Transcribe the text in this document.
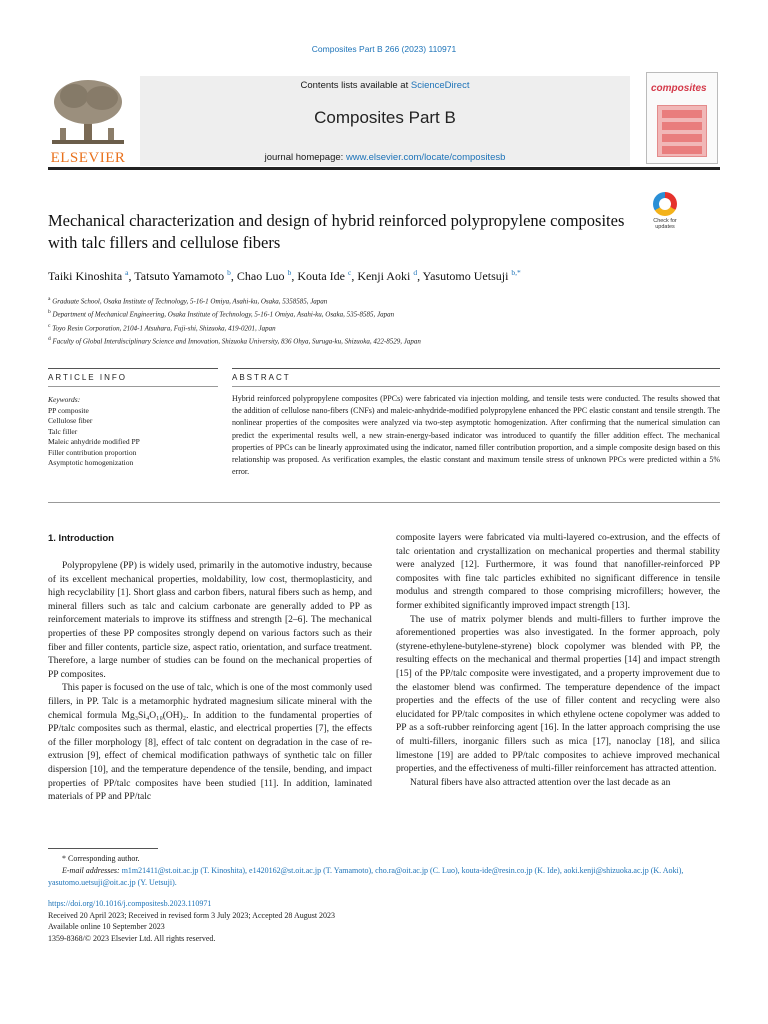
Composites Part B 266 (2023) 110971
ELSEVIER
Contents lists available at ScienceDirect
Composites Part B
journal homepage: www.elsevier.com/locate/compositesb
composites
Check for updates
Mechanical characterization and design of hybrid reinforced polypropylene composites with talc fillers and cellulose fibers
Taiki Kinoshita $^a$, Tatsuto Yamamoto $^b$, Chao Luo $^b$, Kouta Ide $^c$, Kenji Aoki $^d$, Yasutomo Uetsuji $^{b,*}$
$^a$ Graduate School, Osaka Institute of Technology, 5-16-1 Omiya, Asahi-ku, Osaka, 5358585, Japan
$^b$ Department of Mechanical Engineering, Osaka Institute of Technology, 5-16-1 Omiya, Asahi-ku, Osaka, 535-8585, Japan
$^c$ Toyo Resin Corporation, 2104-1 Atsuhara, Fuji-shi, Shizuoka, 419-0201, Japan
$^d$ Faculty of Global Interdisciplinary Science and Innovation, Shizuoka University, 836 Ohya, Suruga-ku, Shizuoka, 422-8529, Japan
ARTICLE INFO	ABSTRACT
Keywords:
PP composite
Cellulose fiber
Talc filler
Maleic anhydride modified PP
Filler contribution proportion
Asymptotic homogenization
Hybrid reinforced polypropylene composites (PPCs) were fabricated via injection molding, and tensile tests were conducted. The results showed that the addition of cellulose nano-fibers (CNFs) and maleic-anhydride-modified polypropylene enhanced the PPC elastic constant and tensile strength. The nonlinear properties of the composites were analyzed via two-step asymptotic homogenization. After confirming that the numerical simulation can predict the experimental results well, a new strain-energy-based indicator was introduced to quantify the filler addition effect. The mechanical properties of PPCs can be linearly approximated using the indicator, named filler contribution proportion, and a simple composite design based on this relationship was proposed. As verification examples, the elastic constant and maximum tensile stress of unknown PPCs were predicted within a 5% error.
1. Introduction

Polypropylene (PP) is widely used, primarily in the automotive industry, because of its excellent mechanical properties, moldability, low cost, thermoplasticity, and high recyclability [1]. Short glass and carbon fibers, natural fibers such as hemp, and mineral fillers such as talc and calcium carbonate are generally added to PP as reinforcement materials to improve its stiffness and strength [2–6]. The mechanical properties of these PP composites strongly depend on various factors such as their fiber and filler contents, particle size, aspect ratio, orientation, and surface treatment. Therefore, a large number of studies can be found on the mechanical properties of PP composites.

This paper is focused on the use of talc, which is one of the most commonly used fillers, in PP. Talc is a metamorphic hydrated magnesium silicate mineral with the chemical formula Mg₃Si₄O₁₀(OH)₂. In addition to the fundamental properties of PP/talc composites such as thermal, elastic, and electrical properties [7], the effects of the filler morphology [8], effect of talc content on degradation in the case of re-extrusion [9], effect of chemical modification pathways of synthetic talc on filler dispersion [10], and the temperature dependence of the tensile, bending, and impact properties of PP/talc composites have been studied [11]. In addition, laminated materials of PP and PP/talc

composite layers were fabricated via multi-layered co-extrusion, and the effects of talc orientation and crystallization on mechanical properties and thermal stability were analyzed [12]. Furthermore, it was found that nanofiller-reinforced PP composites with fine talc particles exhibited no significant difference in tensile modulus and strength compared to those comprising microfillers; however, the former exhibited significantly improved impact strength [13].

The use of matrix polymer blends and multi-fillers to further improve the aforementioned properties was also investigated. In the former approach, poly (styrene-ethylene-butylene-styrene) block copolymer was blended with PP, the resulting effects on the mechanical and thermal properties [14] and impact strength [15] of the PP/talc composite were investigated, and a property improvement due to the elastomer blend was confirmed. The temperature dependence of the impact properties and the effects of the use of filler content and recycling were also elucidated for PP/talc composites in which ethylene octene copolymer was added to PP as a soft-rubber reinforcing agent [16]. In the latter approach comprising the use of multi-fillers, inorganic fillers such as mica [17], nanoclay [18], and silica limestone [19] are added to PP/talc composites to achieve improved mechanical properties, and the effectiveness of multi-filler reinforcement has attracted attention.

Natural fibers have also attracted attention over the last decade as an

* Corresponding author.

E-mail addresses: m1m21411@st.oit.ac.jp (T. Kinoshita), e1420162@st.oit.ac.jp (T. Yamamoto), cho.ra@oit.ac.jp (C. Luo), kouta-ide@resin.co.jp (K. Ide), aoki.kenji@shizuoka.ac.jp (K. Aoki), yasutomo.uetsuji@oit.ac.jp (Y. Uetsuji).

https://doi.org/10.1016/j.compositesb.2023.110971
Received 20 April 2023; Received in revised form 3 July 2023; Accepted 28 August 2023
Available online 10 September 2023
1359-8368/© 2023 Elsevier Ltd. All rights reserved.
